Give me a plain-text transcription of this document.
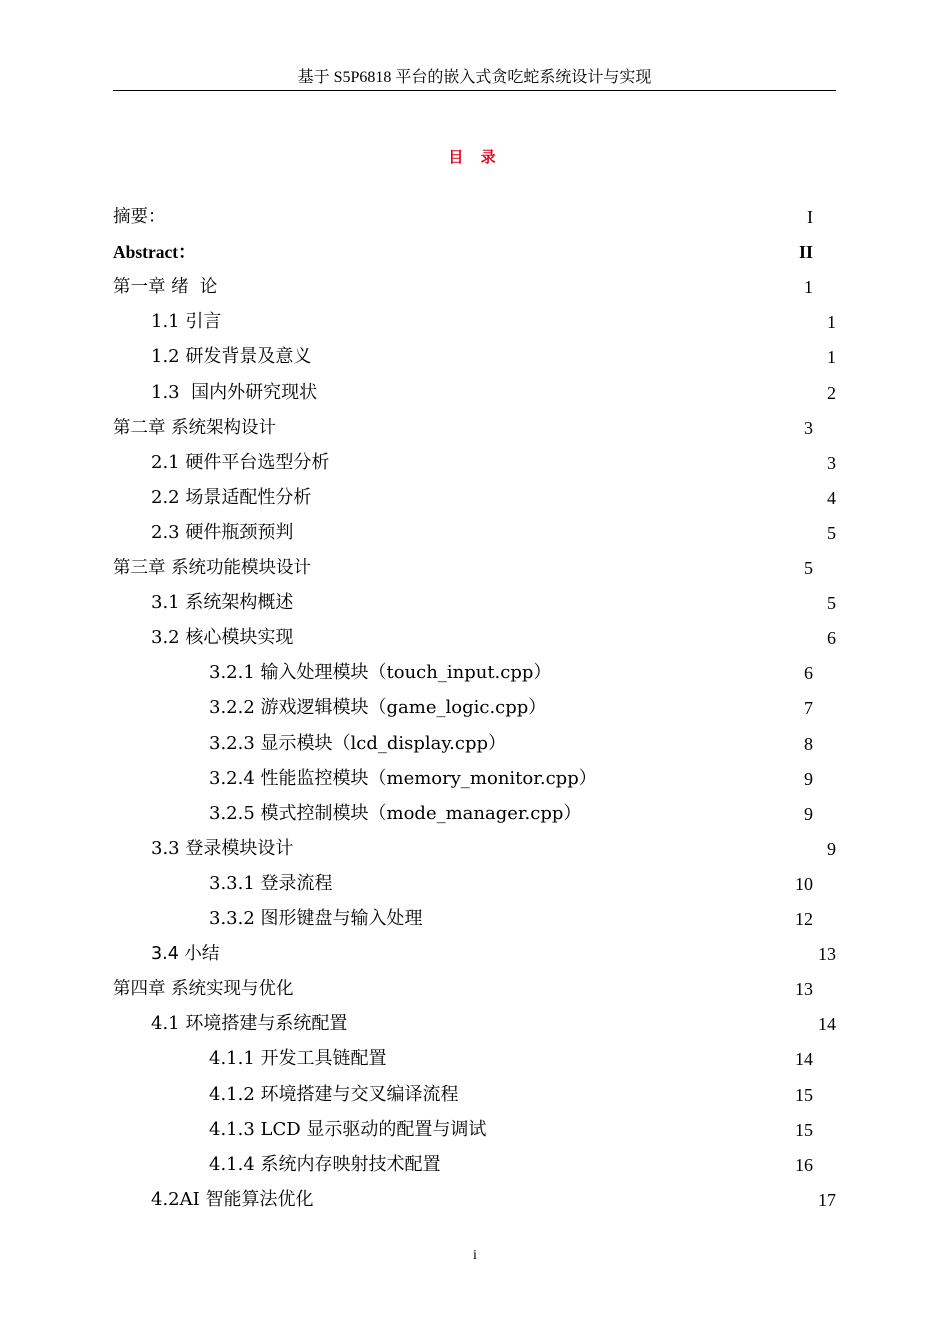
基于 S5P6818 平台的嵌入式贪吃蛇系统设计与实现
目 录
摘要：	I
Abstract：	II
第一章 绪  论	1
1.1 引言	1
1.2 研发背景及意义	1
1.3  国内外研究现状	2
第二章 系统架构设计	3
2.1 硬件平台选型分析	3
2.2 场景适配性分析	4
2.3 硬件瓶颈预判	5
第三章 系统功能模块设计	5
3.1 系统架构概述	5
3.2 核心模块实现	6
3.2.1 输入处理模块（touch_input.cpp）	6
3.2.2 游戏逻辑模块（game_logic.cpp）	7
3.2.3 显示模块（lcd_display.cpp）	8
3.2.4 性能监控模块（memory_monitor.cpp）	9
3.2.5 模式控制模块（mode_manager.cpp）	9
3.3 登录模块设计	9
3.3.1 登录流程	10
3.3.2 图形键盘与输入处理	12
3.4 小结	13
第四章 系统实现与优化	13
4.1 环境搭建与系统配置	14
4.1.1 开发工具链配置	14
4.1.2 环境搭建与交叉编译流程	15
4.1.3 LCD 显示驱动的配置与调试	15
4.1.4 系统内存映射技术配置	16
4.2AI 智能算法优化	17
i
